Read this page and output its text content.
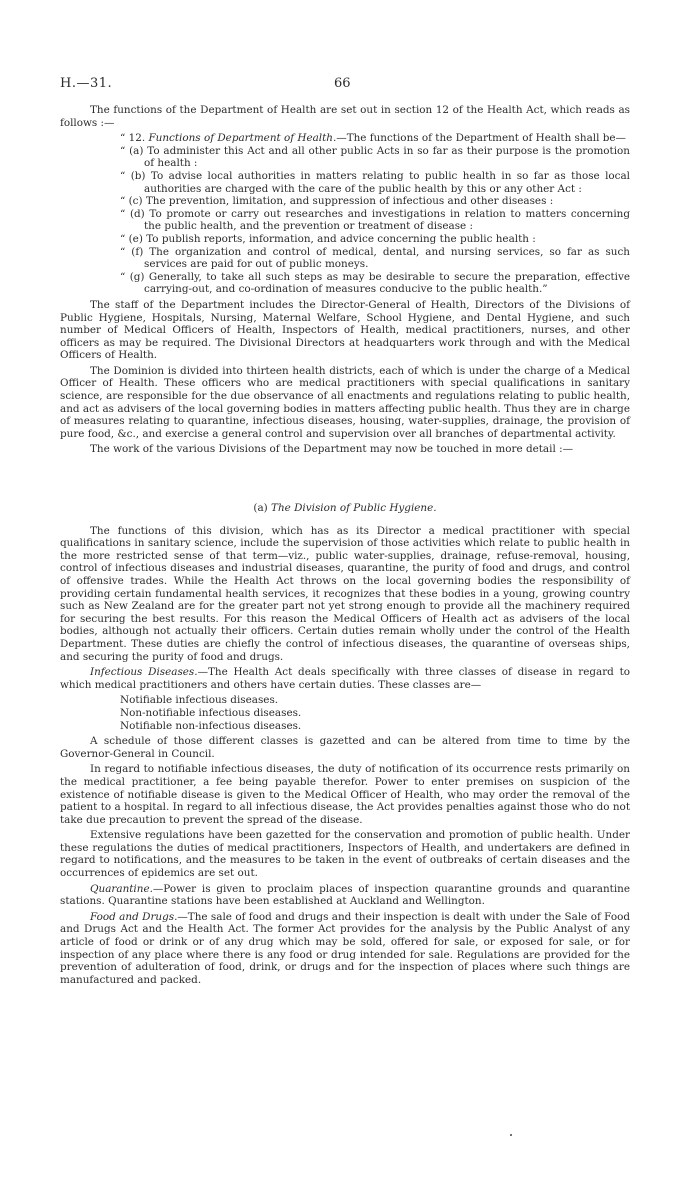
H.—31.	66

The functions of the Department of Health are set out in section 12 of the Health Act, which reads as follows :—

“ 12. Functions of Department of Health.—The functions of the Department of Health shall be—

“ (a) To administer this Act and all other public Acts in so far as their purpose is the promotion of health :

“ (b) To advise local authorities in matters relating to public health in so far as those local authorities are charged with the care of the public health by this or any other Act :

“ (c) The prevention, limitation, and suppression of infectious and other diseases :

“ (d) To promote or carry out researches and investigations in relation to matters concerning the public health, and the prevention or treatment of disease :

“ (e) To publish reports, information, and advice concerning the public health :

“ (f) The organization and control of medical, dental, and nursing services, so far as such services are paid for out of public moneys.

“ (g) Generally, to take all such steps as may be desirable to secure the preparation, effective carrying-out, and co-ordination of measures conducive to the public health.”

The staff of the Department includes the Director-General of Health, Directors of the Divisions of Public Hygiene, Hospitals, Nursing, Maternal Welfare, School Hygiene, and Dental Hygiene, and such number of Medical Officers of Health, Inspectors of Health, medical practitioners, nurses, and other officers as may be required. The Divisional Directors at headquarters work through and with the Medical Officers of Health.

The Dominion is divided into thirteen health districts, each of which is under the charge of a Medical Officer of Health. These officers who are medical practitioners with special qualifications in sanitary science, are responsible for the due observance of all enactments and regulations relating to public health, and act as advisers of the local governing bodies in matters affecting public health. Thus they are in charge of measures relating to quarantine, infectious diseases, housing, water-supplies, drainage, the provision of pure food, &c., and exercise a general control and supervision over all branches of departmental activity.

The work of the various Divisions of the Department may now be touched in more detail :—

(a) The Division of Public Hygiene.

The functions of this division, which has as its Director a medical practitioner with special qualifications in sanitary science, include the supervision of those activities which relate to public health in the more restricted sense of that term—viz., public water-supplies, drainage, refuse-removal, housing, control of infectious diseases and industrial diseases, quarantine, the purity of food and drugs, and control of offensive trades. While the Health Act throws on the local governing bodies the responsibility of providing certain fundamental health services, it recognizes that these bodies in a young, growing country such as New Zealand are for the greater part not yet strong enough to provide all the machinery required for securing the best results. For this reason the Medical Officers of Health act as advisers of the local bodies, although not actually their officers. Certain duties remain wholly under the control of the Health Department. These duties are chiefly the control of infectious diseases, the quarantine of overseas ships, and securing the purity of food and drugs.

Infectious Diseases.—The Health Act deals specifically with three classes of disease in regard to which medical practitioners and others have certain duties. These classes are—

Notifiable infectious diseases.
Non-notifiable infectious diseases.
Notifiable non-infectious diseases.

A schedule of those different classes is gazetted and can be altered from time to time by the Governor-General in Council.

In regard to notifiable infectious diseases, the duty of notification of its occurrence rests primarily on the medical practitioner, a fee being payable therefor. Power to enter premises on suspicion of the existence of notifiable disease is given to the Medical Officer of Health, who may order the removal of the patient to a hospital. In regard to all infectious disease, the Act provides penalties against those who do not take due precaution to prevent the spread of the disease.

Extensive regulations have been gazetted for the conservation and promotion of public health. Under these regulations the duties of medical practitioners, Inspectors of Health, and undertakers are defined in regard to notifications, and the measures to be taken in the event of outbreaks of certain diseases and the occurrences of epidemics are set out.

Quarantine.—Power is given to proclaim places of inspection quarantine grounds and quarantine stations. Quarantine stations have been established at Auckland and Wellington.

Food and Drugs.—The sale of food and drugs and their inspection is dealt with under the Sale of Food and Drugs Act and the Health Act. The former Act provides for the analysis by the Public Analyst of any article of food or drink or of any drug which may be sold, offered for sale, or exposed for sale, or for inspection of any place where there is any food or drug intended for sale. Regulations are provided for the prevention of adulteration of food, drink, or drugs and for the inspection of places where such things are manufactured and packed.
